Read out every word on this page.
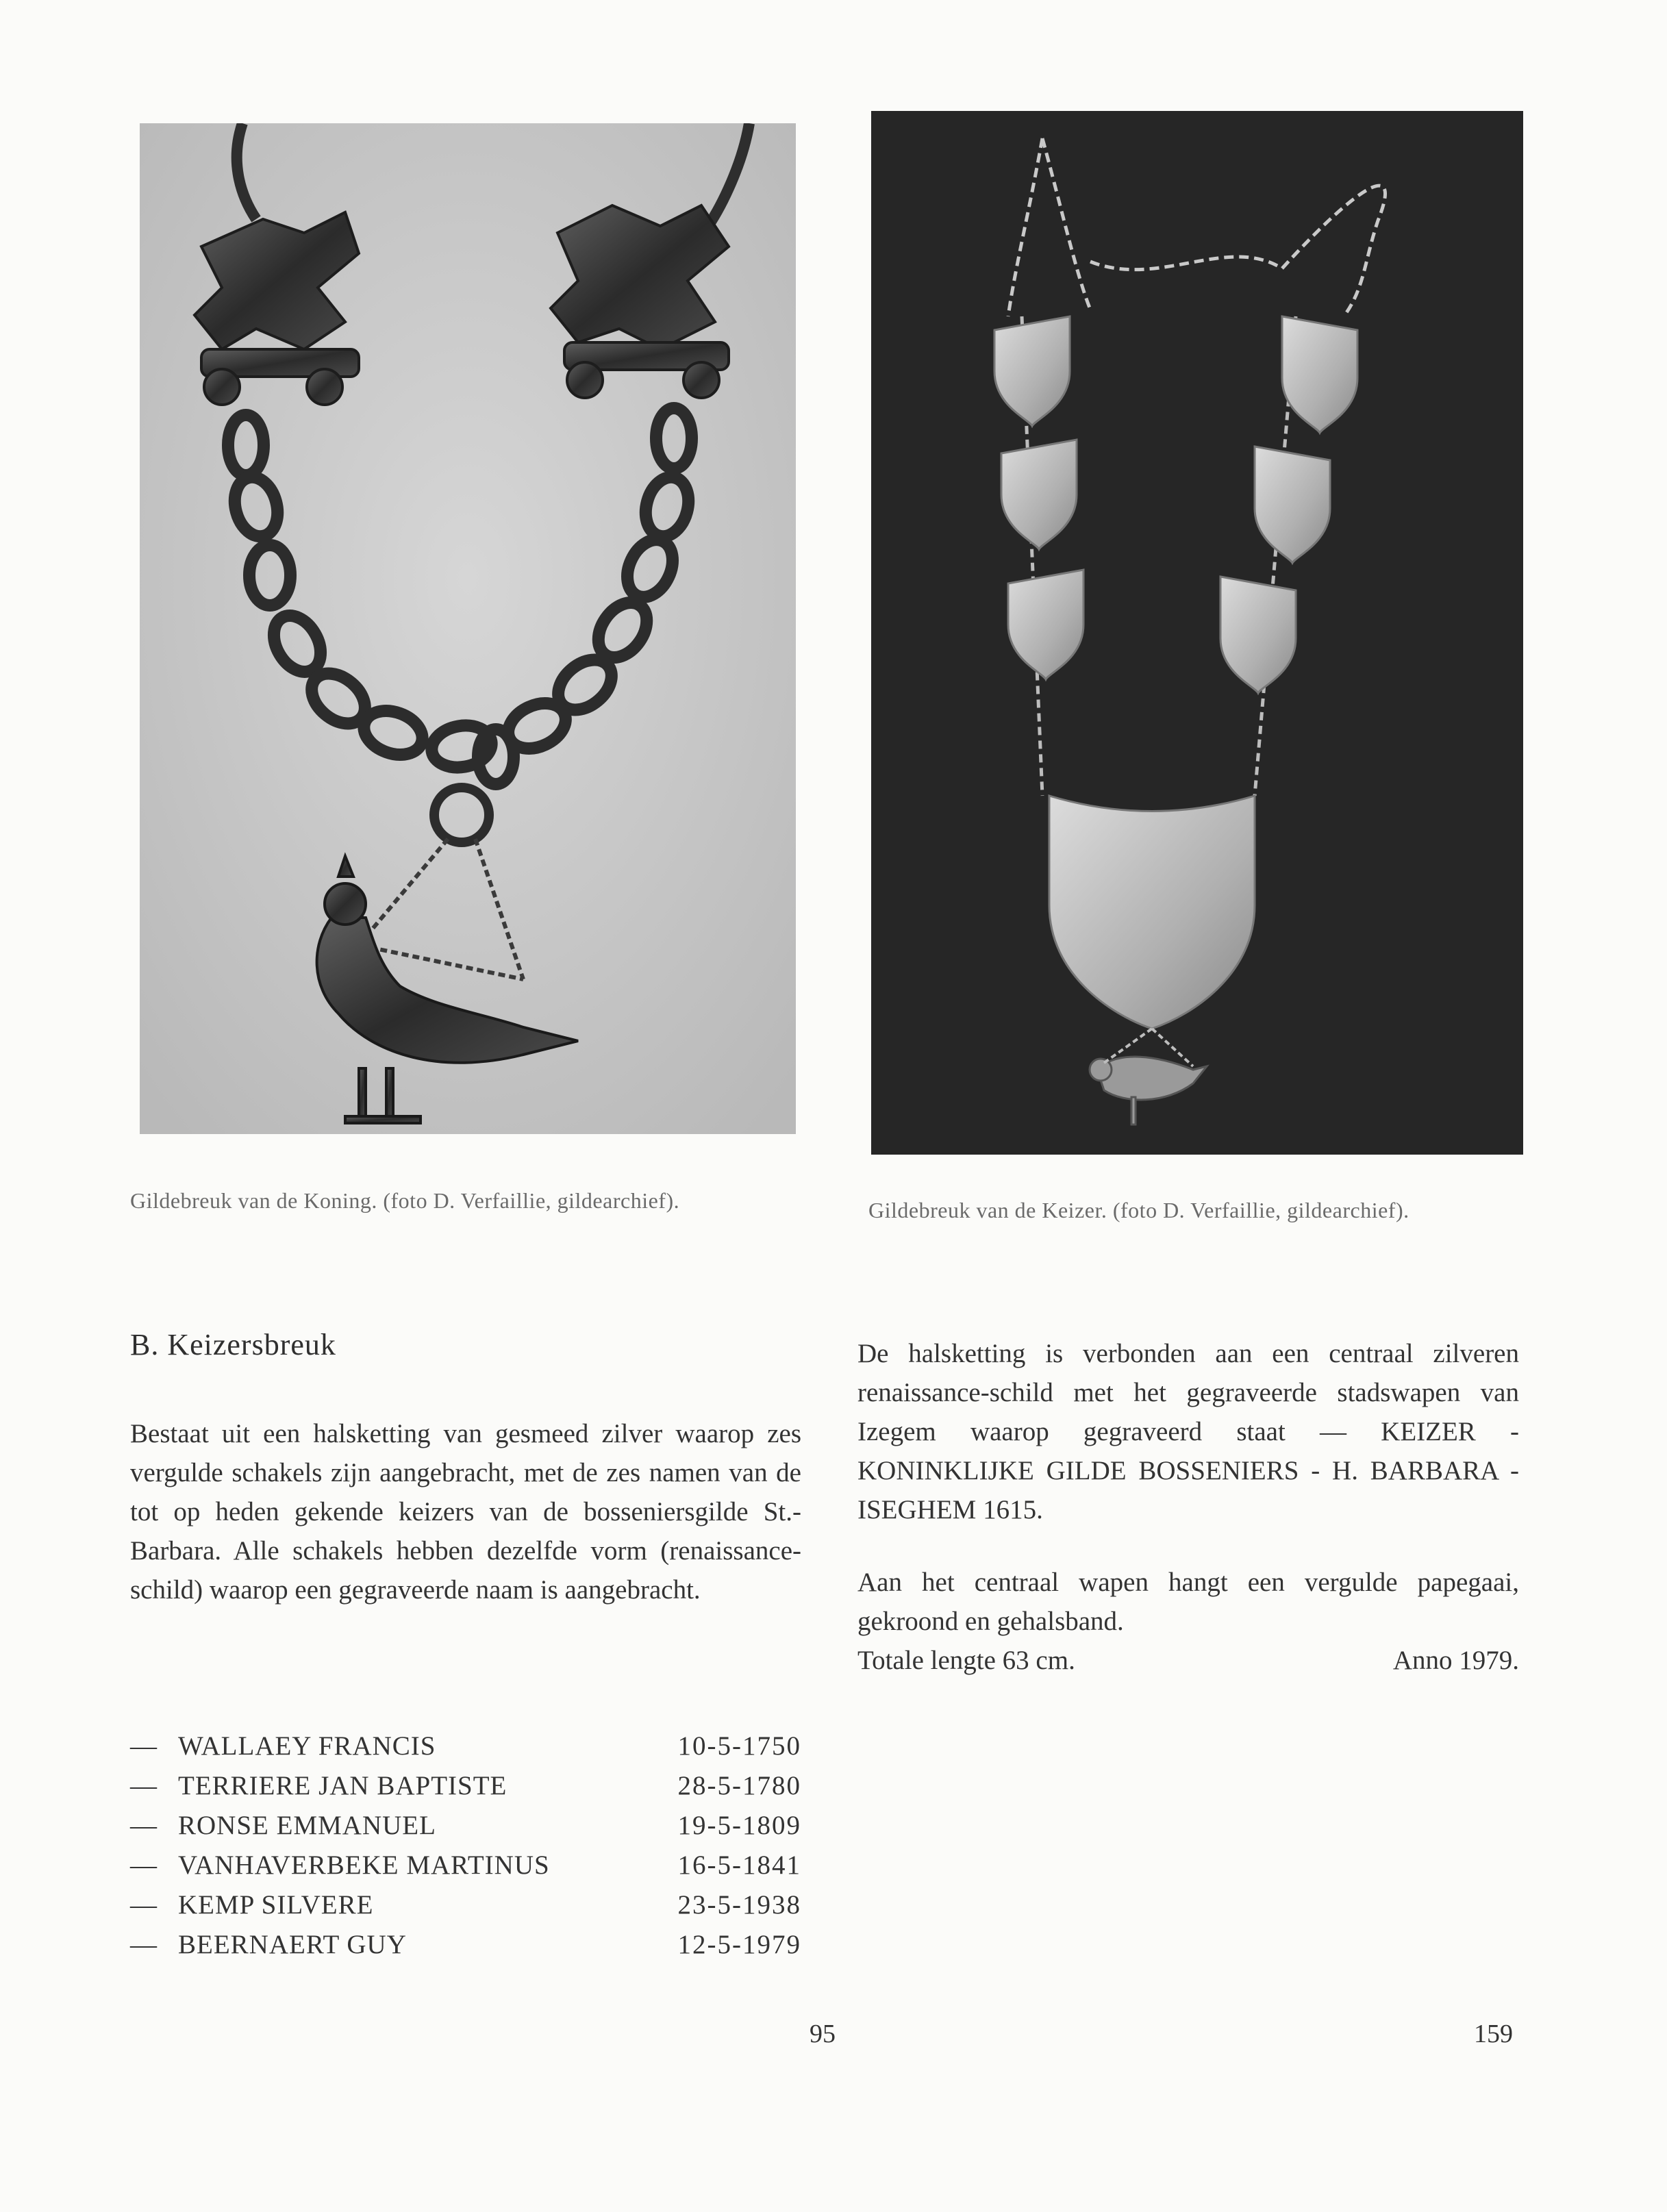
Gildebreuk van de Koning. (foto D. Verfaillie, gildearchief).	Gildebreuk van de Keizer. (foto D. Verfaillie, gildearchief).
B. Keizersbreuk
Bestaat uit een halsketting van gesmeed zilver waarop zes vergulde schakels zijn aangebracht, met de zes namen van de tot op heden gekende keizers van de bosseniersgilde St.-Barbara. Alle schakels hebben dezelfde vorm (renaissance-schild) waarop een gegraveerde naam is aangebracht.
De halsketting is verbonden aan een centraal zilveren renaissance-schild met het gegraveerde stadswapen van Izegem waarop gegraveerd staat — KEIZER - KONINKLIJKE GILDE BOSSENIERS - H. BARBARA - ISEGHEM 1615.
Aan het centraal wapen hangt een vergulde papegaai, gekroond en gehalsband.
Totale lengte 63 cm.	Anno 1979.
— WALLAEY FRANCIS	10-5-1750
— TERRIERE JAN BAPTISTE	28-5-1780
— RONSE EMMANUEL	19-5-1809
— VANHAVERBEKE MARTINUS	16-5-1841
— KEMP SILVERE	23-5-1938
— BEERNAERT GUY	12-5-1979
95	159
